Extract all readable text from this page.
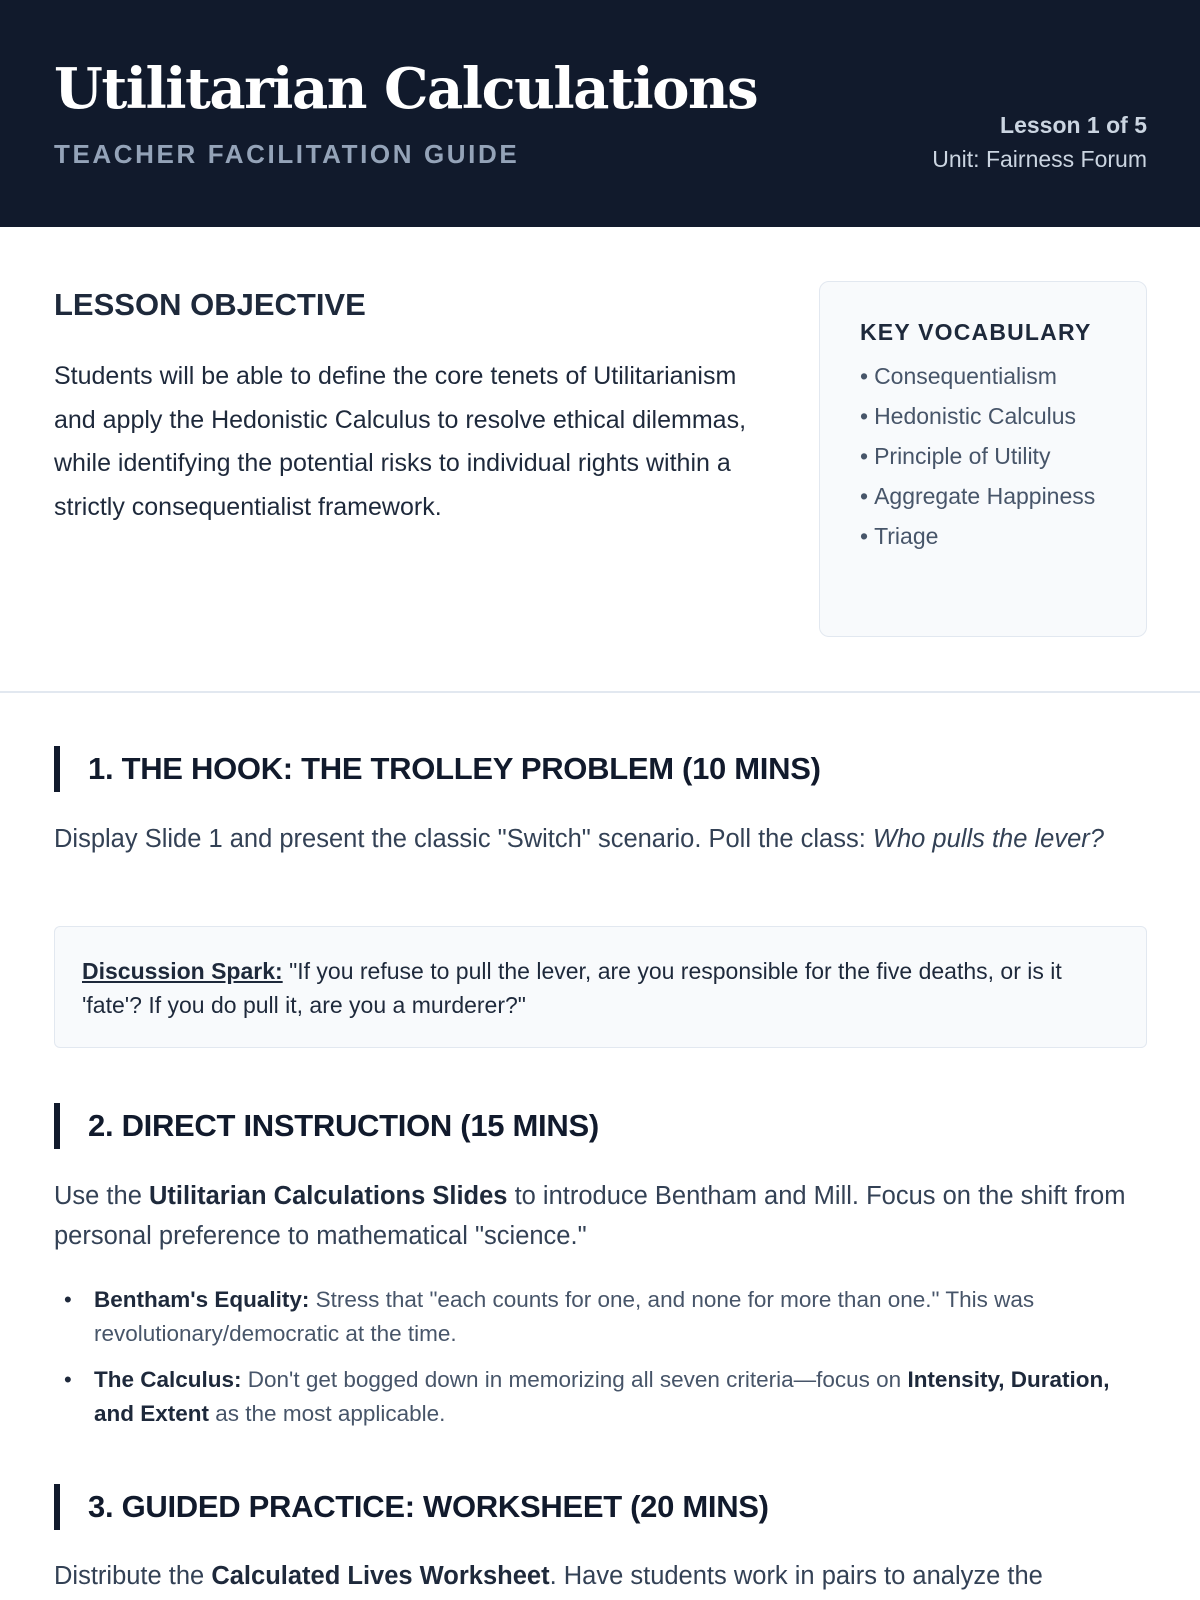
Utilitarian Calculations
TEACHER FACILITATION GUIDE
Lesson 1 of 5
Unit: Fairness Forum
LESSON OBJECTIVE

Students will be able to define the core tenets of Utilitarianism and apply the Hedonistic Calculus to resolve ethical dilemmas, while identifying the potential risks to individual rights within a strictly consequentialist framework.

KEY VOCABULARY
• Consequentialism
• Hedonistic Calculus
• Principle of Utility
• Aggregate Happiness
• Triage
1. THE HOOK: THE TROLLEY PROBLEM (10 MINS)
Display Slide 1 and present the classic "Switch" scenario. Poll the class: Who pulls the lever?
Discussion Spark: "If you refuse to pull the lever, are you responsible for the five deaths, or is it 'fate'? If you do pull it, are you a murderer?"
2. DIRECT INSTRUCTION (15 MINS)
Use the Utilitarian Calculations Slides to introduce Bentham and Mill. Focus on the shift from personal preference to mathematical "science."
• Bentham's Equality: Stress that "each counts for one, and none for more than one." This was revolutionary/democratic at the time.
• The Calculus: Don't get bogged down in memorizing all seven criteria—focus on Intensity, Duration, and Extent as the most applicable.
3. GUIDED PRACTICE: WORKSHEET (20 MINS)
Distribute the Calculated Lives Worksheet. Have students work in pairs to analyze the
